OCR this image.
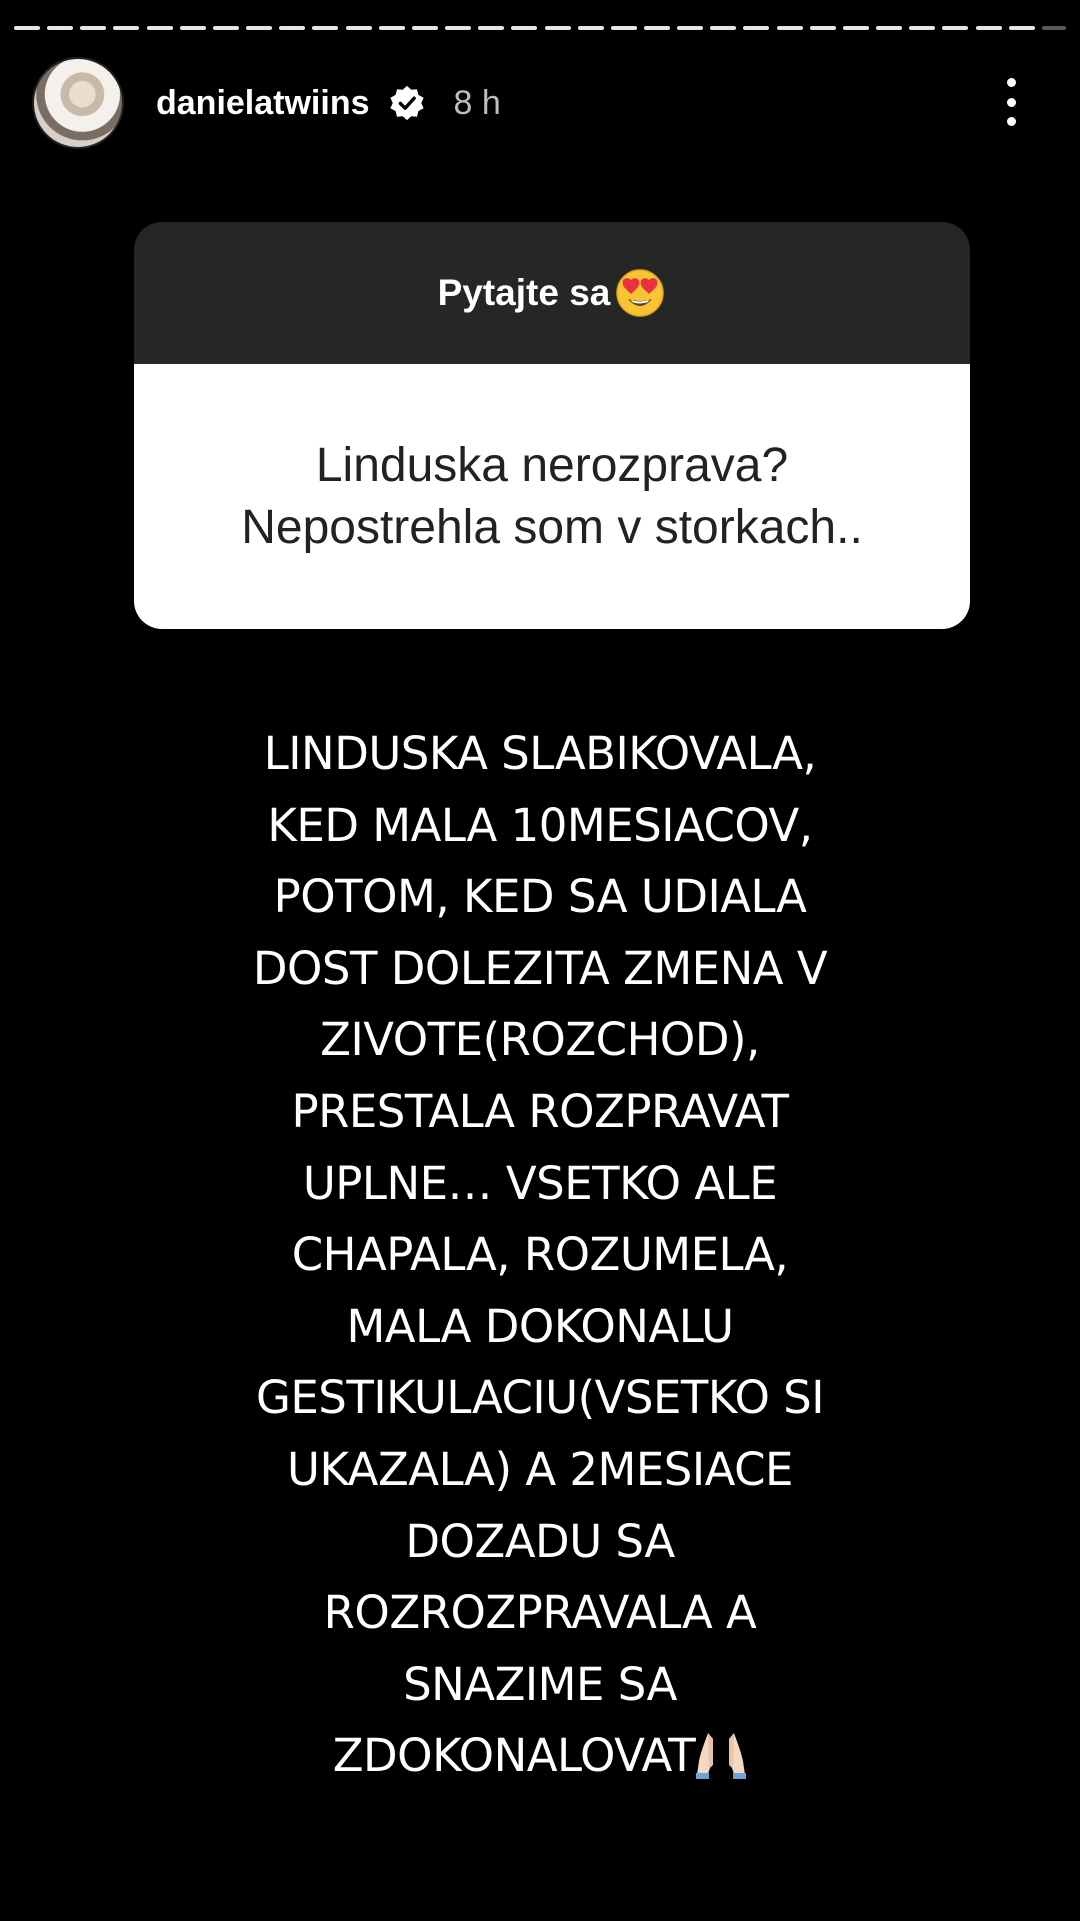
danielatwiins 8 h
Pytajte sa
Linduska nerozprava?
Nepostrehla som v storkach..
LINDUSKA SLABIKOVALA,
KED MALA 10MESIACOV,
POTOM, KED SA UDIALA
DOST DOLEZITA ZMENA V
ZIVOTE(ROZCHOD),
PRESTALA ROZPRAVAT
UPLNE… VSETKO ALE
CHAPALA, ROZUMELA,
MALA DOKONALU
GESTIKULACIU(VSETKO SI
UKAZALA) A 2MESIACE
DOZADU SA
ROZROZPRAVALA A
SNAZIME SA
ZDOKONALOVAT
